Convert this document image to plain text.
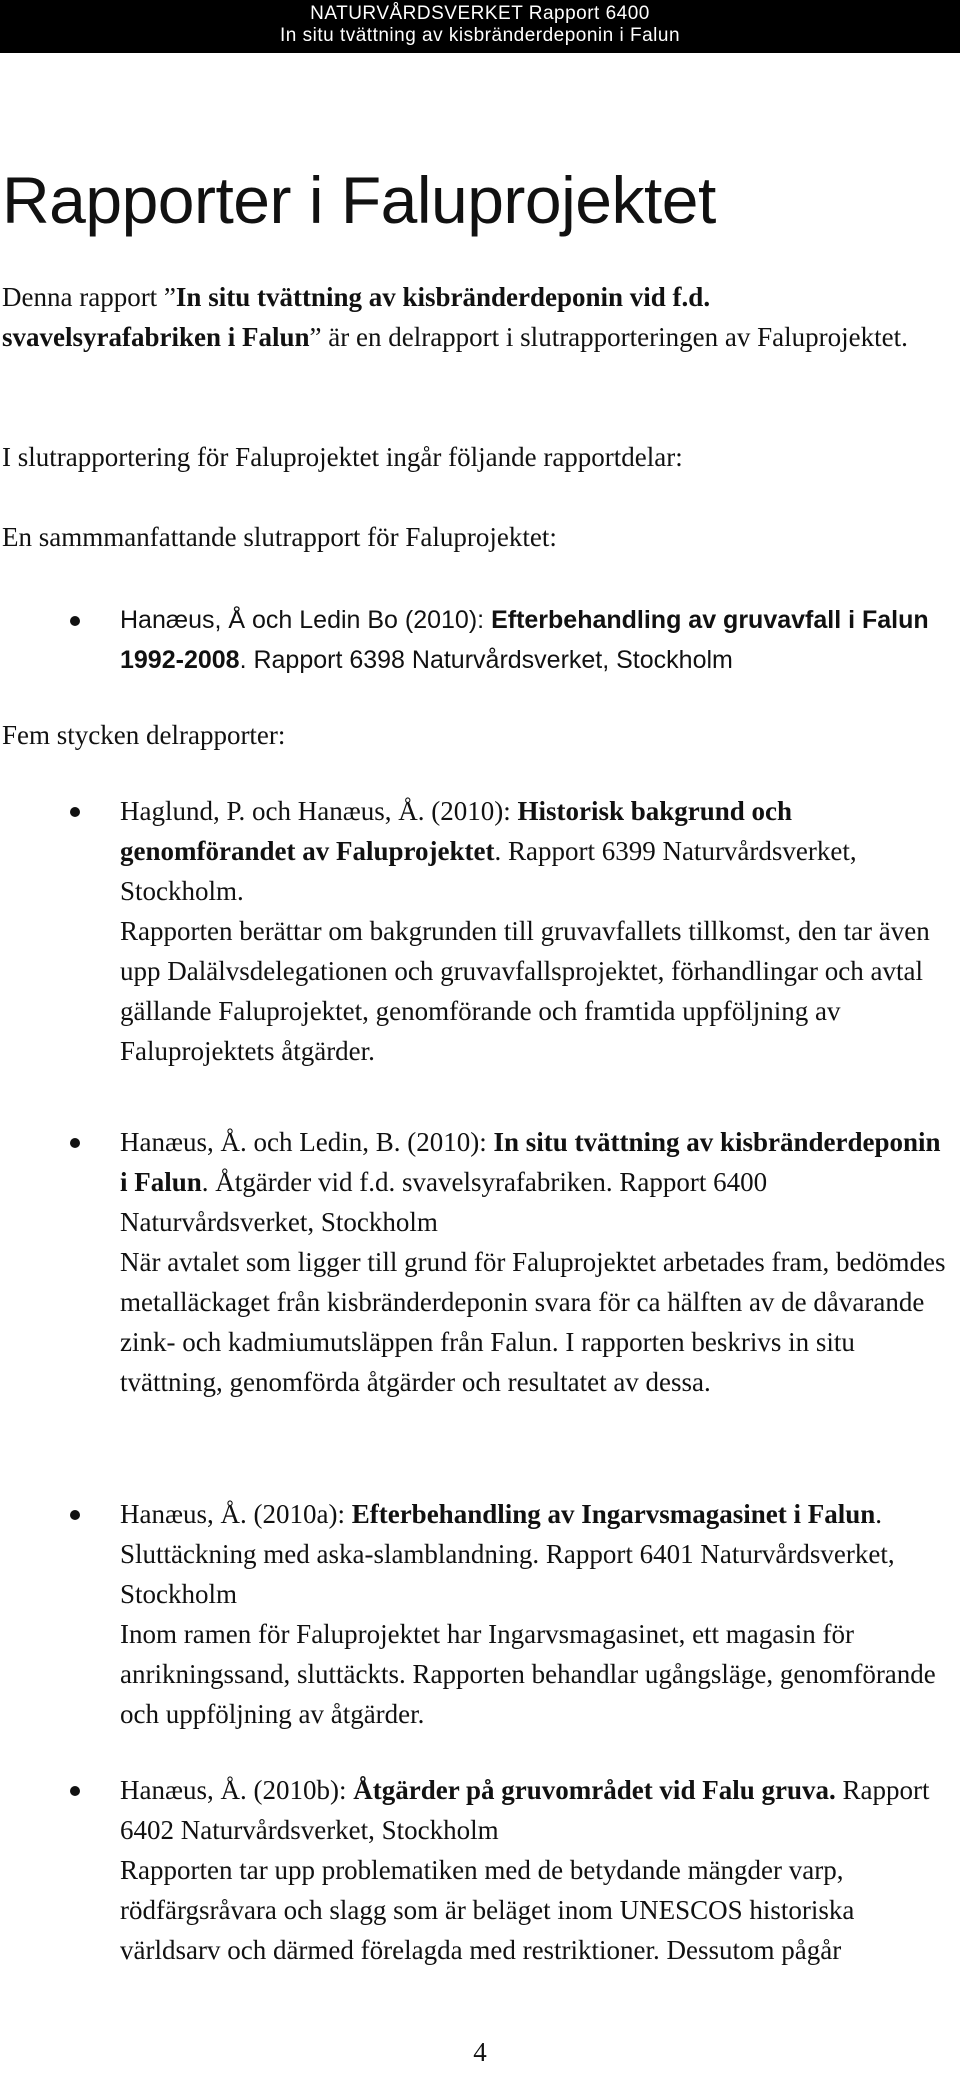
NATURVÅRDSVERKET Rapport 6400
In situ tvättning av kisbränderdeponin i Falun
Rapporter i Faluprojektet

Denna rapport ”In situ tvättning av kisbränderdeponin vid f.d. svavelsyrafabriken i Falun” är en delrapport i slutrapporteringen av Faluprojektet.

I slutrapportering för Faluprojektet ingår följande rapportdelar:

En sammmanfattande slutrapport för Faluprojektet:

Hanæus, Å och Ledin Bo (2010): Efterbehandling av gruvavfall i Falun 1992-2008. Rapport 6398 Naturvårdsverket, Stockholm

Fem stycken delrapporter:

Haglund, P. och Hanæus, Å. (2010): Historisk bakgrund och genomförandet av Faluprojektet. Rapport 6399 Naturvårdsverket, Stockholm.
Rapporten berättar om bakgrunden till gruvavfallets tillkomst, den tar även upp Dalälvsdelegationen och gruvavfallsprojektet, förhandlingar och avtal gällande Faluprojektet, genomförande och framtida uppföljning av Faluprojektets åtgärder.
Hanæus, Å. och Ledin, B. (2010): In situ tvättning av kisbränderdeponin i Falun. Åtgärder vid f.d. svavelsyrafabriken. Rapport 6400 Naturvårdsverket, Stockholm
När avtalet som ligger till grund för Faluprojektet arbetades fram, bedömdes metalläckaget från kisbränderdeponin svara för ca hälften av de dåvarande zink- och kadmiumutsläppen från Falun. I rapporten beskrivs in situ tvättning, genomförda åtgärder och resultatet av dessa.
Hanæus, Å. (2010a): Efterbehandling av Ingarvsmagasinet i Falun. Sluttäckning med aska-slamblandning. Rapport 6401 Naturvårdsverket, Stockholm
Inom ramen för Faluprojektet har Ingarvsmagasinet, ett magasin för anrikningssand, sluttäckts. Rapporten behandlar ugångsläge, genomförande och uppföljning av åtgärder.
Hanæus, Å. (2010b): Åtgärder på gruvområdet vid Falu gruva. Rapport 6402 Naturvårdsverket, Stockholm
Rapporten tar upp problematiken med de betydande mängder varp, rödfärgsråvara och slagg som är beläget inom UNESCOS historiska världsarv och därmed förelagda med restriktioner. Dessutom pågår
4
